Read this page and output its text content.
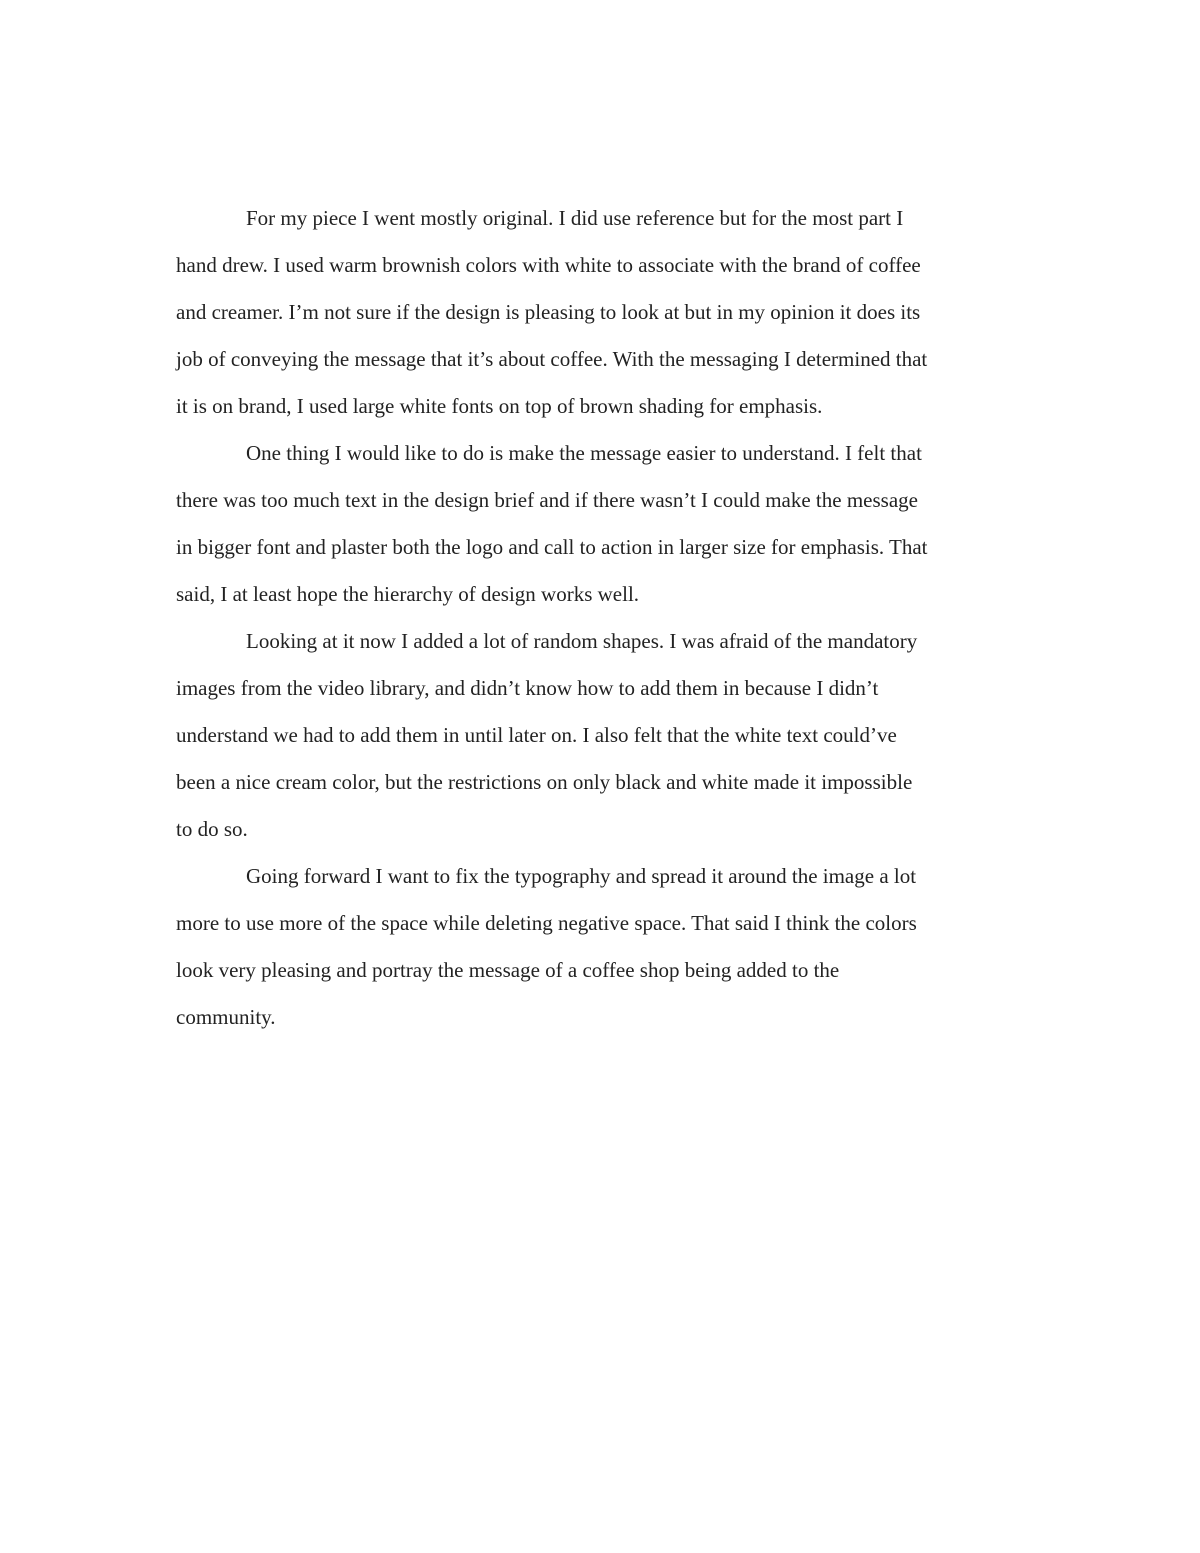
For my piece I went mostly original. I did use reference but for the most part I
hand drew. I used warm brownish colors with white to associate with the brand of coffee
and creamer. I’m not sure if the design is pleasing to look at but in my opinion it does its
job of conveying the message that it’s about coffee. With the messaging I determined that
it is on brand, I used large white fonts on top of brown shading for emphasis.
One thing I would like to do is make the message easier to understand. I felt that
there was too much text in the design brief and if there wasn’t I could make the message
in bigger font and plaster both the logo and call to action in larger size for emphasis. That
said, I at least hope the hierarchy of design works well.
Looking at it now I added a lot of random shapes. I was afraid of the mandatory
images from the video library, and didn’t know how to add them in because I didn’t
understand we had to add them in until later on. I also felt that the white text could’ve
been a nice cream color, but the restrictions on only black and white made it impossible
to do so.
Going forward I want to fix the typography and spread it around the image a lot
more to use more of the space while deleting negative space. That said I think the colors
look very pleasing and portray the message of a coffee shop being added to the
community.
